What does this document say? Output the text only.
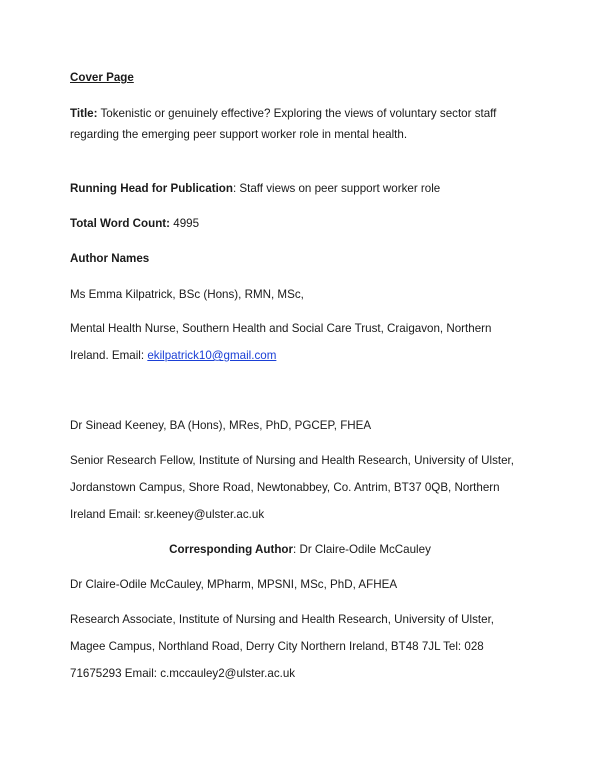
Cover Page
Title: Tokenistic or genuinely effective? Exploring the views of voluntary sector staff
regarding the emerging peer support worker role in mental health.
Running Head for Publication: Staff views on peer support worker role
Total Word Count: 4995
Author Names
Ms Emma Kilpatrick, BSc (Hons), RMN, MSc,
Mental Health Nurse, Southern Health and Social Care Trust, Craigavon, Northern
Ireland. Email: ekilpatrick10@gmail.com
Dr Sinead Keeney, BA (Hons), MRes, PhD, PGCEP, FHEA
Senior Research Fellow, Institute of Nursing and Health Research, University of Ulster,
Jordanstown Campus, Shore Road, Newtonabbey, Co. Antrim, BT37 0QB, Northern
Ireland Email: sr.keeney@ulster.ac.uk
Corresponding Author: Dr Claire-Odile McCauley
Dr Claire-Odile McCauley, MPharm, MPSNI, MSc, PhD, AFHEA
Research Associate, Institute of Nursing and Health Research, University of Ulster,
Magee Campus, Northland Road, Derry City Northern Ireland, BT48 7JL Tel: 028
71675293 Email: c.mccauley2@ulster.ac.uk
